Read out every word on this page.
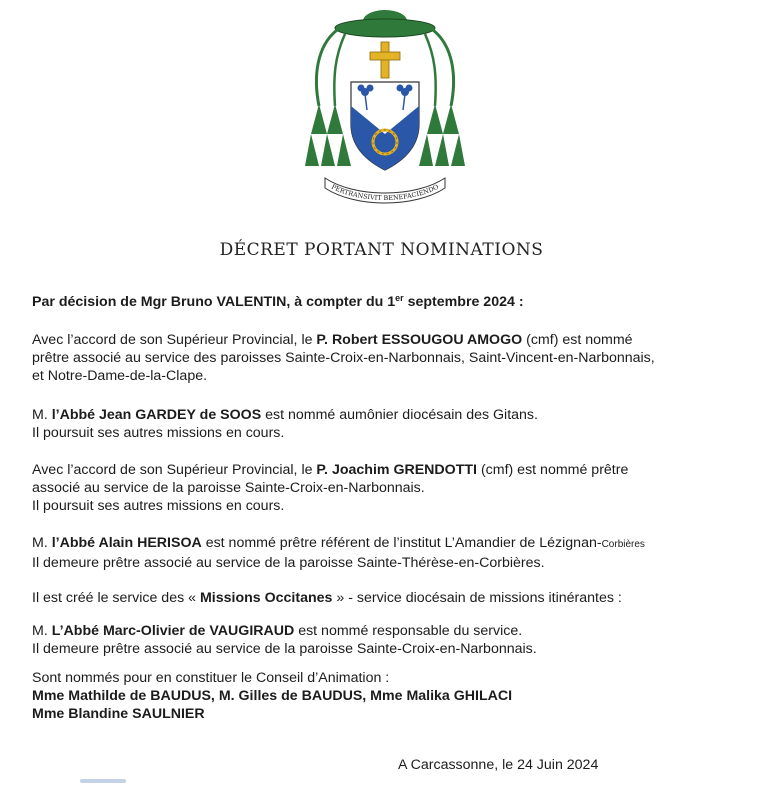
PERTRANSIVIT BENEFACIENDO
DÉCRET PORTANT NOMINATIONS

Par décision de Mgr Bruno VALENTIN, à compter du 1er septembre 2024 :

Avec l’accord de son Supérieur Provincial, le P. Robert ESSOUGOU AMOGO (cmf) est nommé
prêtre associé au service des paroisses Sainte-Croix-en-Narbonnais, Saint-Vincent-en-Narbonnais,
et Notre-Dame-de-la-Clape.

M. l’Abbé Jean GARDEY de SOOS est nommé aumônier diocésain des Gitans.
Il poursuit ses autres missions en cours.

Avec l’accord de son Supérieur Provincial, le P. Joachim GRENDOTTI (cmf) est nommé prêtre
associé au service de la paroisse Sainte-Croix-en-Narbonnais.
Il poursuit ses autres missions en cours.

M. l’Abbé Alain HERISOA est nommé prêtre référent de l’institut L’Amandier de Lézignan-Corbières
Il demeure prêtre associé au service de la paroisse Sainte-Thérèse-en-Corbières.

Il est créé le service des « Missions Occitanes » - service diocésain de missions itinérantes :

M. L’Abbé Marc-Olivier de VAUGIRAUD est nommé responsable du service.
Il demeure prêtre associé au service de la paroisse Sainte-Croix-en-Narbonnais.

Sont nommés pour en constituer le Conseil d’Animation :
Mme Mathilde de BAUDUS, M. Gilles de BAUDUS, Mme Malika GHILACI
Mme Blandine SAULNIER

A Carcassonne, le 24 Juin 2024
